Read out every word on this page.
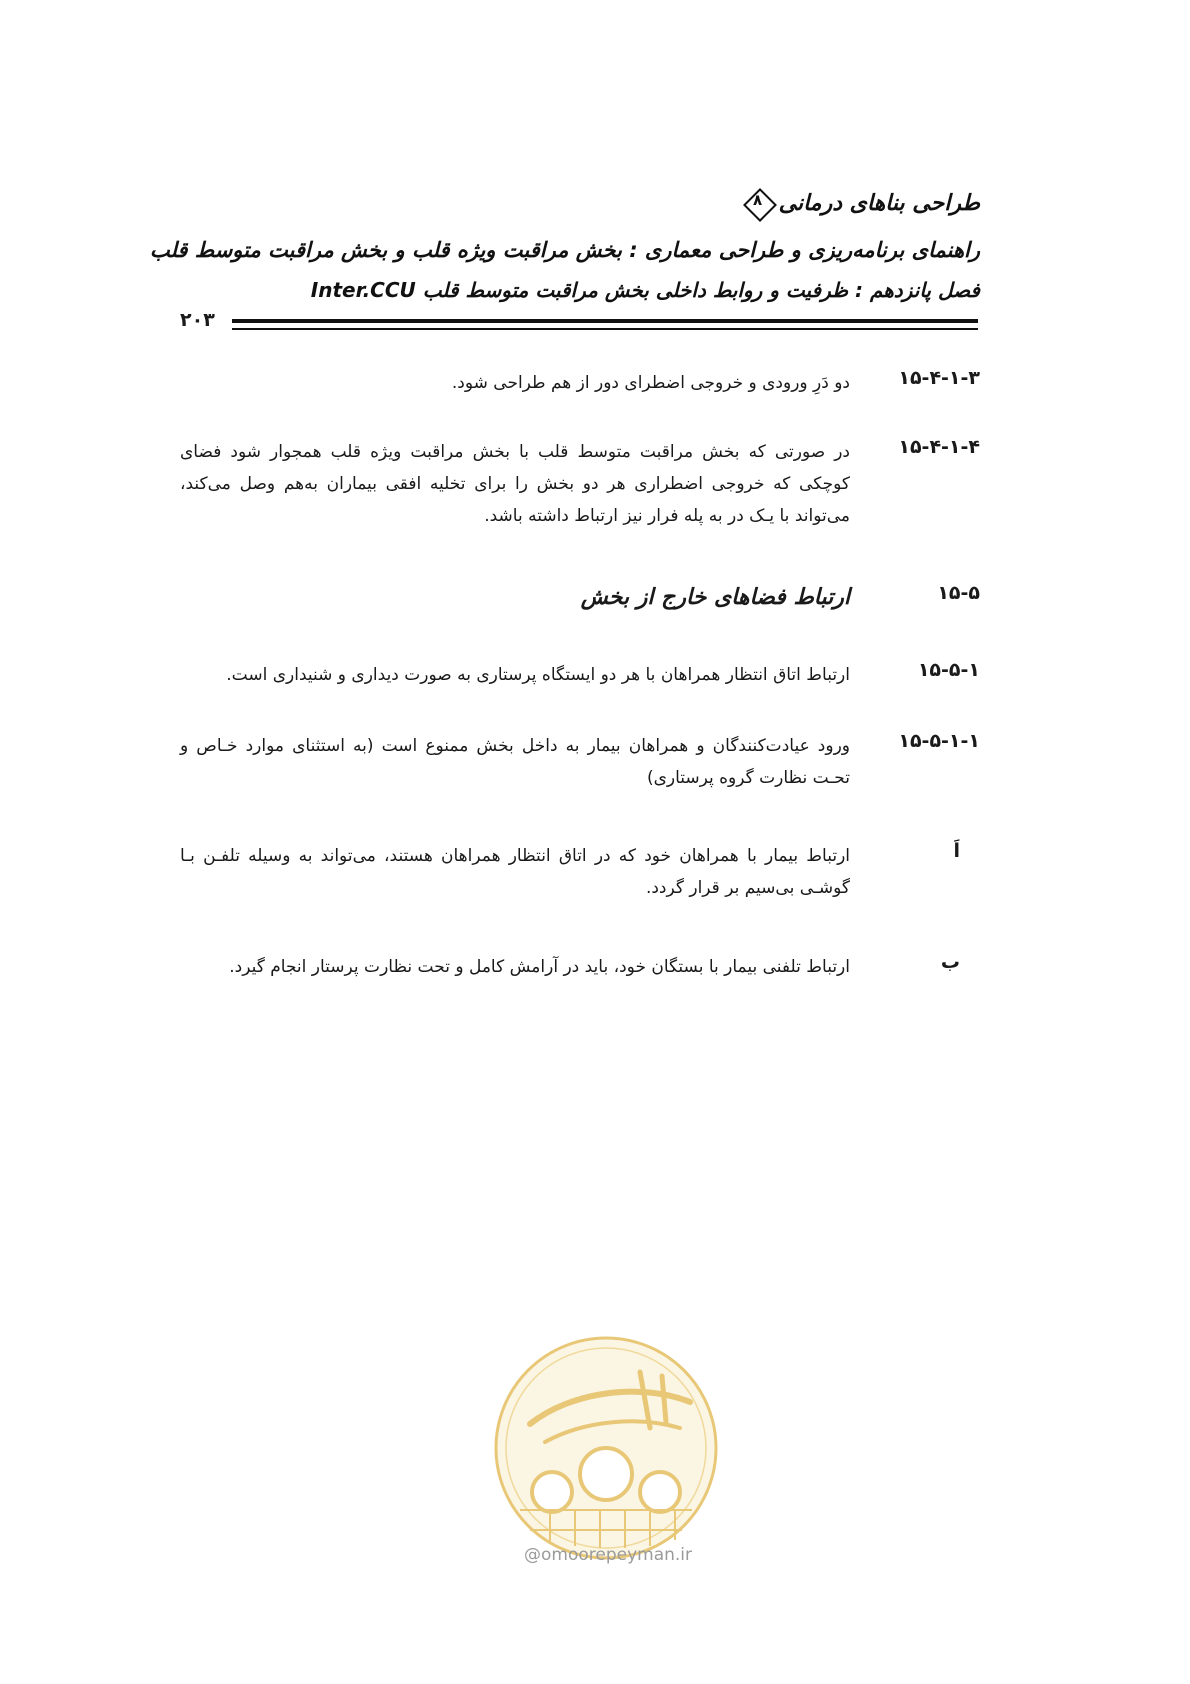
طراحی بناهای درمانی
۸
راهنمای برنامه‌ریزی و طراحی معماری : بخش مراقبت ویژه قلب و بخش مراقبت متوسط قلب
فصل پانزدهم : ظرفیت و روابط داخلی بخش مراقبت متوسط قلب Inter.CCU
۲۰۳
۱۵-۴-۱-۳
دو دَرِ ورودی و خروجی اضطرای دور از هم طراحی شود.
۱۵-۴-۱-۴
در صورتی که بخش مراقبت متوسط قلب با بخش مراقبت ویژه قلب همجوار شود فضای کوچکی که خروجی اضطراری هر دو بخش را برای تخلیه افقی بیماران به‌هم وصل می‌کند، می‌تواند با یـک در به پله فرار نیز ارتباط داشته باشد.
۱۵-۵
ارتباط فضاهای خارج از بخش
۱۵-۵-۱
ارتباط اتاق انتظار همراهان با هر دو ایستگاه پرستاری به صورت دیداری و شنیداری است.
۱۵-۵-۱-۱
ورود عیادت‌کنندگان و همراهان بیمار به داخل بخش ممنوع است (به استثنای موارد خـاص و تحـت نظارت گروه پرستاری)
اَ
ارتباط بیمار با همراهان خود که در اتاق انتظار همراهان هستند، می‌تواند به وسیله تلفـن بـا گوشـی بی‌سیم بر قرار گردد.
ب
ارتباط تلفنی بیمار با بستگان خود، باید در آرامش کامل و تحت نظارت پرستار انجام گیرد.
@omoorepeyman.ir
